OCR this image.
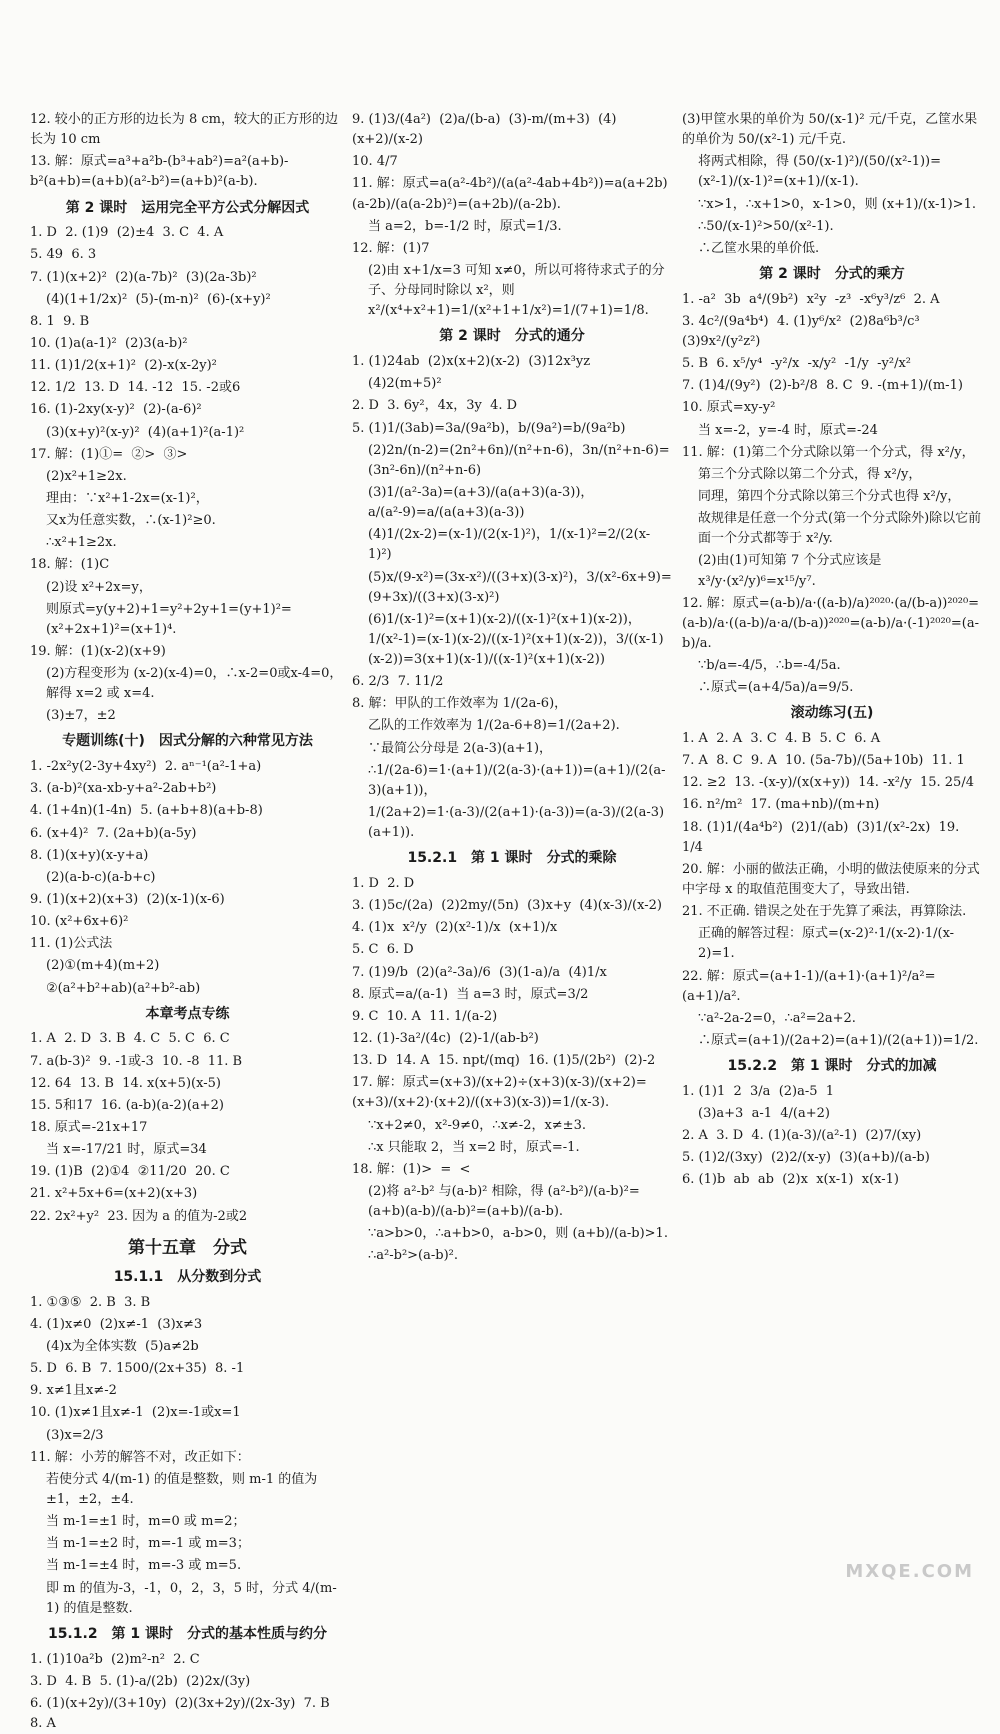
12. 较小的正方形的边长为 8 cm，较大的正方形的边长为 10 cm
13. 解：原式=a³+a²b-(b³+ab²)=a²(a+b)-b²(a+b)=(a+b)(a²-b²)=(a+b)²(a-b).
第 2 课时　运用完全平方公式分解因式
1. D  2. (1)9  (2)±4  3. C  4. A
5. 49  6. 3
7. (1)(x+2)²  (2)(a-7b)²  (3)(2a-3b)²
(4)(1+1/2x)²  (5)-(m-n)²  (6)-(x+y)²
8. 1  9. B
10. (1)a(a-1)²  (2)3(a-b)²
11. (1)1/2(x+1)²  (2)-x(x-2y)²
12. 1/2  13. D  14. -12  15. -2或6
16. (1)-2xy(x-y)²  (2)-(a-6)²
(3)(x+y)²(x-y)²  (4)(a+1)²(a-1)²
17. 解：(1)①=  ②>  ③>
(2)x²+1≥2x.
理由：∵x²+1-2x=(x-1)²，
又x为任意实数，∴(x-1)²≥0.
∴x²+1≥2x.
18. 解：(1)C
(2)设 x²+2x=y，
则原式=y(y+2)+1=y²+2y+1=(y+1)²=(x²+2x+1)²=(x+1)⁴.
19. 解：(1)(x-2)(x+9)
(2)方程变形为 (x-2)(x-4)=0，∴x-2=0或x-4=0，解得 x=2 或 x=4.
(3)±7，±2
专题训练(十)　因式分解的六种常见方法
1. -2x²y(2-3y+4xy²)  2. aⁿ⁻¹(a²-1+a)
3. (a-b)²(xa-xb-y+a²-2ab+b²)
4. (1+4n)(1-4n)  5. (a+b+8)(a+b-8)
6. (x+4)²  7. (2a+b)(a-5y)
8. (1)(x+y)(x-y+a)
(2)(a-b-c)(a-b+c)
9. (1)(x+2)(x+3)  (2)(x-1)(x-6)
10. (x²+6x+6)²
11. (1)公式法
(2)①(m+4)(m+2)
②(a²+b²+ab)(a²+b²-ab)
本章考点专练
1. A  2. D  3. B  4. C  5. C  6. C
7. a(b-3)²  9. -1或-3  10. -8  11. B
12. 64  13. B  14. x(x+5)(x-5)
15. 5和17  16. (a-b)(a-2)(a+2)
18. 原式=-21x+17
当 x=-17/21 时，原式=34
19. (1)B  (2)①4  ②11/20  20. C
21. x²+5x+6=(x+2)(x+3)
22. 2x²+y²  23. 因为 a 的值为-2或2
第十五章　分式
15.1.1　从分数到分式
1. ①③⑤  2. B  3. B
4. (1)x≠0  (2)x≠-1  (3)x≠3
(4)x为全体实数  (5)a≠2b
5. D  6. B  7. 1500/(2x+35)  8. -1
9. x≠1且x≠-2
10. (1)x≠1且x≠-1  (2)x=-1或x=1
(3)x=2/3
11. 解：小芳的解答不对，改正如下：
若使分式 4/(m-1) 的值是整数，则 m-1 的值为±1，±2，±4.
当 m-1=±1 时，m=0 或 m=2；
当 m-1=±2 时，m=-1 或 m=3；
当 m-1=±4 时，m=-3 或 m=5.
即 m 的值为-3，-1，0，2，3，5 时，分式 4/(m-1) 的值是整数.
15.1.2　第 1 课时　分式的基本性质与约分
1. (1)10a²b  (2)m²-n²  2. C
3. D  4. B  5. (1)-a/(2b)  (2)2x/(3y)
6. (1)(x+2y)/(3+10y)  (2)(3x+2y)/(2x-3y)  7. B  8. A
9. (1)3/(4a²)  (2)a/(b-a)  (3)-m/(m+3)  (4)(x+2)/(x-2)
10. 4/7
11. 解：原式=a(a²-4b²)/(a(a²-4ab+4b²))=a(a+2b)(a-2b)/(a(a-2b)²)=(a+2b)/(a-2b).
当 a=2，b=-1/2 时，原式=1/3.
12. 解：(1)7
(2)由 x+1/x=3 可知 x≠0，所以可将待求式子的分子、分母同时除以 x²，则 x²/(x⁴+x²+1)=1/(x²+1+1/x²)=1/(7+1)=1/8.
第 2 课时　分式的通分
1. (1)24ab  (2)x(x+2)(x-2)  (3)12x³yz
(4)2(m+5)²
2. D  3. 6y²，4x，3y  4. D
5. (1)1/(3ab)=3a/(9a²b)，b/(9a²)=b/(9a²b)
(2)2n/(n-2)=(2n²+6n)/(n²+n-6)，3n/(n²+n-6)=(3n²-6n)/(n²+n-6)
(3)1/(a²-3a)=(a+3)/(a(a+3)(a-3))，a/(a²-9)=a/(a(a+3)(a-3))
(4)1/(2x-2)=(x-1)/(2(x-1)²)，1/(x-1)²=2/(2(x-1)²)
(5)x/(9-x²)=(3x-x²)/((3+x)(3-x)²)，3/(x²-6x+9)=(9+3x)/((3+x)(3-x)²)
(6)1/(x-1)²=(x+1)(x-2)/((x-1)²(x+1)(x-2))，1/(x²-1)=(x-1)(x-2)/((x-1)²(x+1)(x-2))，3/((x-1)(x-2))=3(x+1)(x-1)/((x-1)²(x+1)(x-2))
6. 2/3  7. 11/2
8. 解：甲队的工作效率为 1/(2a-6)，
乙队的工作效率为 1/(2a-6+8)=1/(2a+2).
∵最简公分母是 2(a-3)(a+1)，
∴1/(2a-6)=1·(a+1)/(2(a-3)·(a+1))=(a+1)/(2(a-3)(a+1))，
1/(2a+2)=1·(a-3)/(2(a+1)·(a-3))=(a-3)/(2(a-3)(a+1)).
15.2.1　第 1 课时　分式的乘除
1. D  2. D
3. (1)5c/(2a)  (2)2my/(5n)  (3)x+y  (4)(x-3)/(x-2)
4. (1)x  x²/y  (2)(x²-1)/x  (x+1)/x
5. C  6. D
7. (1)9/b  (2)(a²-3a)/6  (3)(1-a)/a  (4)1/x
8. 原式=a/(a-1)  当 a=3 时，原式=3/2
9. C  10. A  11. 1/(a-2)
12. (1)-3a²/(4c)  (2)-1/(ab-b²)
13. D  14. A  15. npt/(mq)  16. (1)5/(2b²)  (2)-2
17. 解：原式=(x+3)/(x+2)÷(x+3)(x-3)/(x+2)=(x+3)/(x+2)·(x+2)/((x+3)(x-3))=1/(x-3).
∵x+2≠0，x²-9≠0，∴x≠-2，x≠±3.
∴x 只能取 2，当 x=2 时，原式=-1.
18. 解：(1)>  =  <
(2)将 a²-b² 与(a-b)² 相除，得 (a²-b²)/(a-b)²=(a+b)(a-b)/(a-b)²=(a+b)/(a-b).
∵a>b>0，∴a+b>0，a-b>0，则 (a+b)/(a-b)>1.
∴a²-b²>(a-b)².
(3)甲筐水果的单价为 50/(x-1)² 元/千克，乙筐水果的单价为 50/(x²-1) 元/千克.
将两式相除，得 (50/(x-1)²)/(50/(x²-1))=(x²-1)/(x-1)²=(x+1)/(x-1).
∵x>1，∴x+1>0，x-1>0，则 (x+1)/(x-1)>1.
∴50/(x-1)²>50/(x²-1).
∴乙筐水果的单价低.
第 2 课时　分式的乘方
1. -a²  3b  a⁴/(9b²)  x²y  -z³  -x⁶y³/z⁶  2. A
3. 4c²/(9a⁴b⁴)  4. (1)y⁶/x²  (2)8a⁶b³/c³  (3)9x²/(y²z²)
5. B  6. x⁵/y⁴  -y²/x  -x/y²  -1/y  -y²/x²
7. (1)4/(9y²)  (2)-b²/8  8. C  9. -(m+1)/(m-1)
10. 原式=xy-y²
当 x=-2，y=-4 时，原式=-24
11. 解：(1)第二个分式除以第一个分式，得 x²/y，
第三个分式除以第二个分式，得 x²/y，
同理，第四个分式除以第三个分式也得 x²/y，
故规律是任意一个分式(第一个分式除外)除以它前面一个分式都等于 x²/y.
(2)由(1)可知第 7 个分式应该是 x³/y·(x²/y)⁶=x¹⁵/y⁷.
12. 解：原式=(a-b)/a·((a-b)/a)²⁰²⁰·(a/(b-a))²⁰²⁰=(a-b)/a·((a-b)/a·a/(b-a))²⁰²⁰=(a-b)/a·(-1)²⁰²⁰=(a-b)/a.
∵b/a=-4/5，∴b=-4/5a.
∴原式=(a+4/5a)/a=9/5.
滚动练习(五)
1. A  2. A  3. C  4. B  5. C  6. A
7. A  8. C  9. A  10. (5a-7b)/(5a+10b)  11. 1
12. ≥2  13. -(x-y)/(x(x+y))  14. -x²/y  15. 25/4
16. n²/m²  17. (ma+nb)/(m+n)
18. (1)1/(4a⁴b²)  (2)1/(ab)  (3)1/(x²-2x)  19. 1/4
20. 解：小丽的做法正确，小明的做法使原来的分式中字母 x 的取值范围变大了，导致出错.
21. 不正确. 错误之处在于先算了乘法，再算除法.
正确的解答过程：原式=(x-2)²·1/(x-2)·1/(x-2)=1.
22. 解：原式=(a+1-1)/(a+1)·(a+1)²/a²=(a+1)/a².
∵a²-2a-2=0，∴a²=2a+2.
∴原式=(a+1)/(2a+2)=(a+1)/(2(a+1))=1/2.
15.2.2　第 1 课时　分式的加减
1. (1)1  2  3/a  (2)a-5  1
(3)a+3  a-1  4/(a+2)
2. A  3. D  4. (1)(a-3)/(a²-1)  (2)7/(xy)
5. (1)2/(3xy)  (2)2/(x-y)  (3)(a+b)/(a-b)
6. (1)b  ab  ab  (2)x  x(x-1)  x(x-1)
MXQE.COM
